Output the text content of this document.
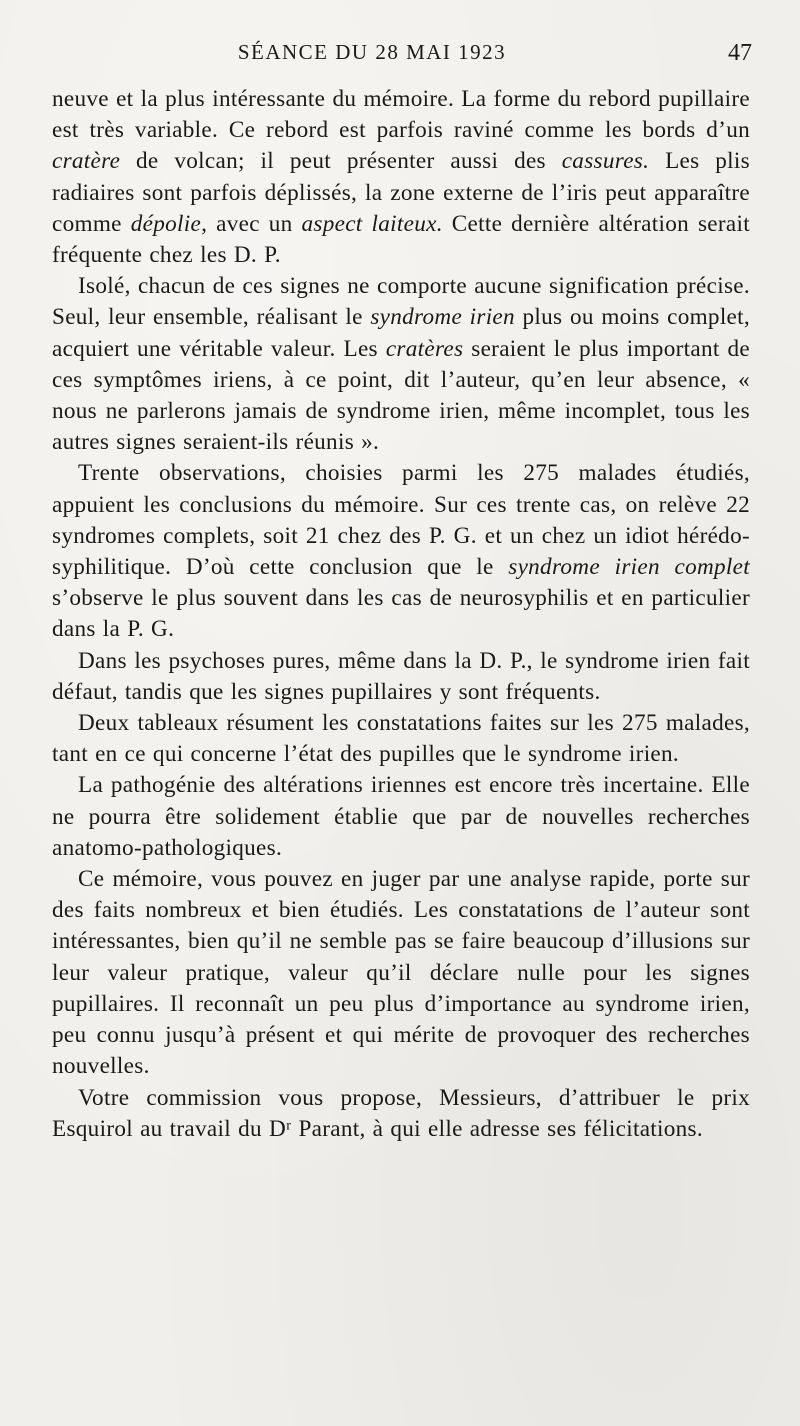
SÉANCE DU 28 MAI 1923	47

neuve et la plus intéressante du mémoire. La forme du rebord pupillaire est très variable. Ce rebord est parfois raviné comme les bords d’un cratère de volcan; il peut présenter aussi des cassures. Les plis radiaires sont parfois déplissés, la zone externe de l’iris peut apparaître comme dépolie, avec un aspect laiteux. Cette dernière altération serait fréquente chez les D. P.

Isolé, chacun de ces signes ne comporte aucune signification précise. Seul, leur ensemble, réalisant le syndrome irien plus ou moins complet, acquiert une véritable valeur. Les cratères seraient le plus important de ces symptômes iriens, à ce point, dit l’auteur, qu’en leur absence, « nous ne parlerons jamais de syndrome irien, même incomplet, tous les autres signes seraient-ils réunis ».

Trente observations, choisies parmi les 275 malades étudiés, appuient les conclusions du mémoire. Sur ces trente cas, on relève 22 syndromes complets, soit 21 chez des P. G. et un chez un idiot hérédo-syphilitique. D’où cette conclusion que le syndrome irien complet s’observe le plus souvent dans les cas de neurosyphilis et en particulier dans la P. G.

Dans les psychoses pures, même dans la D. P., le syndrome irien fait défaut, tandis que les signes pupillaires y sont fréquents.

Deux tableaux résument les constatations faites sur les 275 malades, tant en ce qui concerne l’état des pupilles que le syndrome irien.

La pathogénie des altérations iriennes est encore très incertaine. Elle ne pourra être solidement établie que par de nouvelles recherches anatomo-pathologiques.

Ce mémoire, vous pouvez en juger par une analyse rapide, porte sur des faits nombreux et bien étudiés. Les constatations de l’auteur sont intéressantes, bien qu’il ne semble pas se faire beaucoup d’illusions sur leur valeur pratique, valeur qu’il déclare nulle pour les signes pupillaires. Il reconnaît un peu plus d’importance au syndrome irien, peu connu jusqu’à présent et qui mérite de provoquer des recherches nouvelles.

Votre commission vous propose, Messieurs, d’attribuer le prix Esquirol au travail du Dʳ Parant, à qui elle adresse ses félicitations.
